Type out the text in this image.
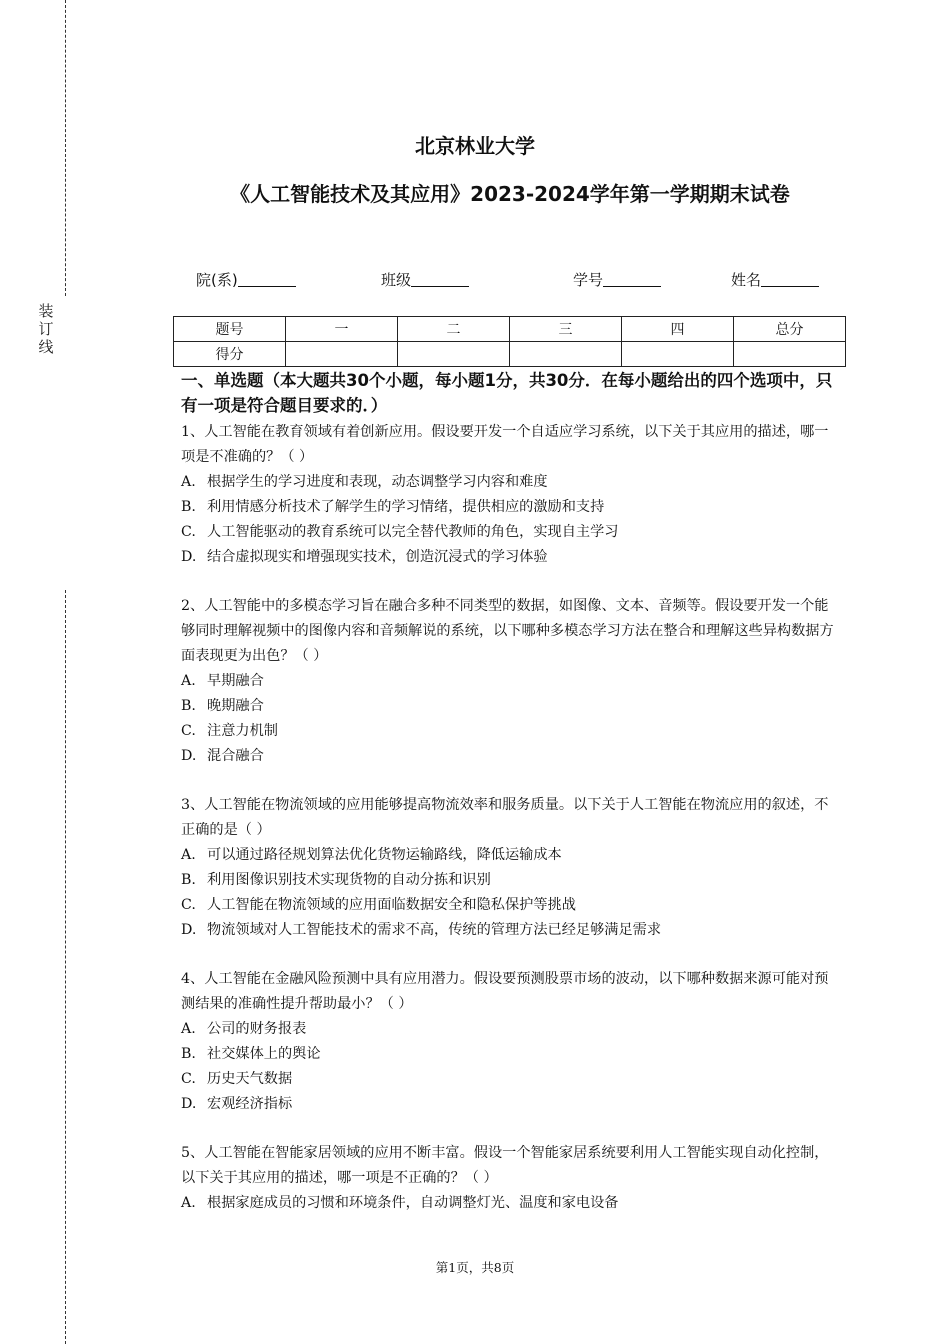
装
订
线
北京林业大学
《人工智能技术及其应用》2023-2024学年第一学期期末试卷
院(系)	班级	学号	姓名
题号	一	二	三	四	总分
得分					

一、单选题（本大题共30个小题，每小题1分，共30分．在每小题给出的四个选项中，只有一项是符合题目要求的．）

1、人工智能在教育领域有着创新应用。假设要开发一个自适应学习系统，以下关于其应用的描述，哪一项是不准确的？（ ）

A. 根据学生的学习进度和表现，动态调整学习内容和难度

B. 利用情感分析技术了解学生的学习情绪，提供相应的激励和支持

C. 人工智能驱动的教育系统可以完全替代教师的角色，实现自主学习

D. 结合虚拟现实和增强现实技术，创造沉浸式的学习体验

2、人工智能中的多模态学习旨在融合多种不同类型的数据，如图像、文本、音频等。假设要开发一个能够同时理解视频中的图像内容和音频解说的系统，以下哪种多模态学习方法在整合和理解这些异构数据方面表现更为出色？（ ）

A. 早期融合

B. 晚期融合

C. 注意力机制

D. 混合融合

3、人工智能在物流领域的应用能够提高物流效率和服务质量。以下关于人工智能在物流应用的叙述，不正确的是（ ）

A. 可以通过路径规划算法优化货物运输路线，降低运输成本

B. 利用图像识别技术实现货物的自动分拣和识别

C. 人工智能在物流领域的应用面临数据安全和隐私保护等挑战

D. 物流领域对人工智能技术的需求不高，传统的管理方法已经足够满足需求

4、人工智能在金融风险预测中具有应用潜力。假设要预测股票市场的波动，以下哪种数据来源可能对预测结果的准确性提升帮助最小？（ ）

A. 公司的财务报表

B. 社交媒体上的舆论

C. 历史天气数据

D. 宏观经济指标

5、人工智能在智能家居领域的应用不断丰富。假设一个智能家居系统要利用人工智能实现自动化控制，以下关于其应用的描述，哪一项是不正确的？（ ）

A. 根据家庭成员的习惯和环境条件，自动调整灯光、温度和家电设备

第1页，共8页
